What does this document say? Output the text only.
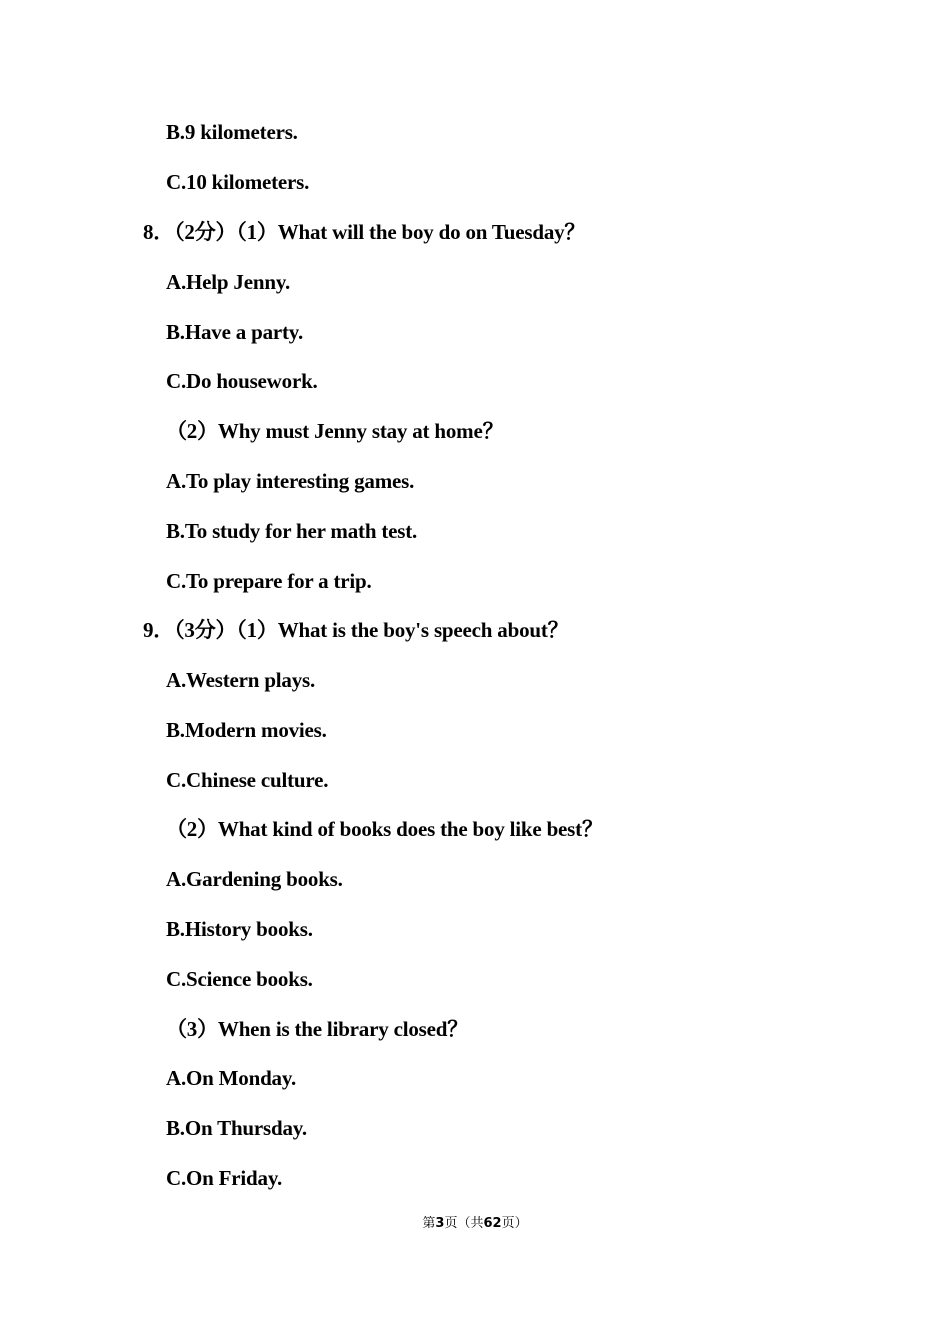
B.9 kilometers.
C.10 kilometers.
8．（2分）（1）What will the boy do on Tuesday？
A.Help Jenny.
B.Have a party.
C.Do housework.
（2）Why must Jenny stay at home？
A.To play interesting games.
B.To study for her math test.
C.To prepare for a trip.
9．（3分）（1）What is the boy's speech about？
A.Western plays.
B.Modern movies.
C.Chinese culture.
（2）What kind of books does the boy like best？
A.Gardening books.
B.History books.
C.Science books.
（3）When is the library closed？
A.On Monday.
B.On Thursday.
C.On Friday.
第3页（共62页）
